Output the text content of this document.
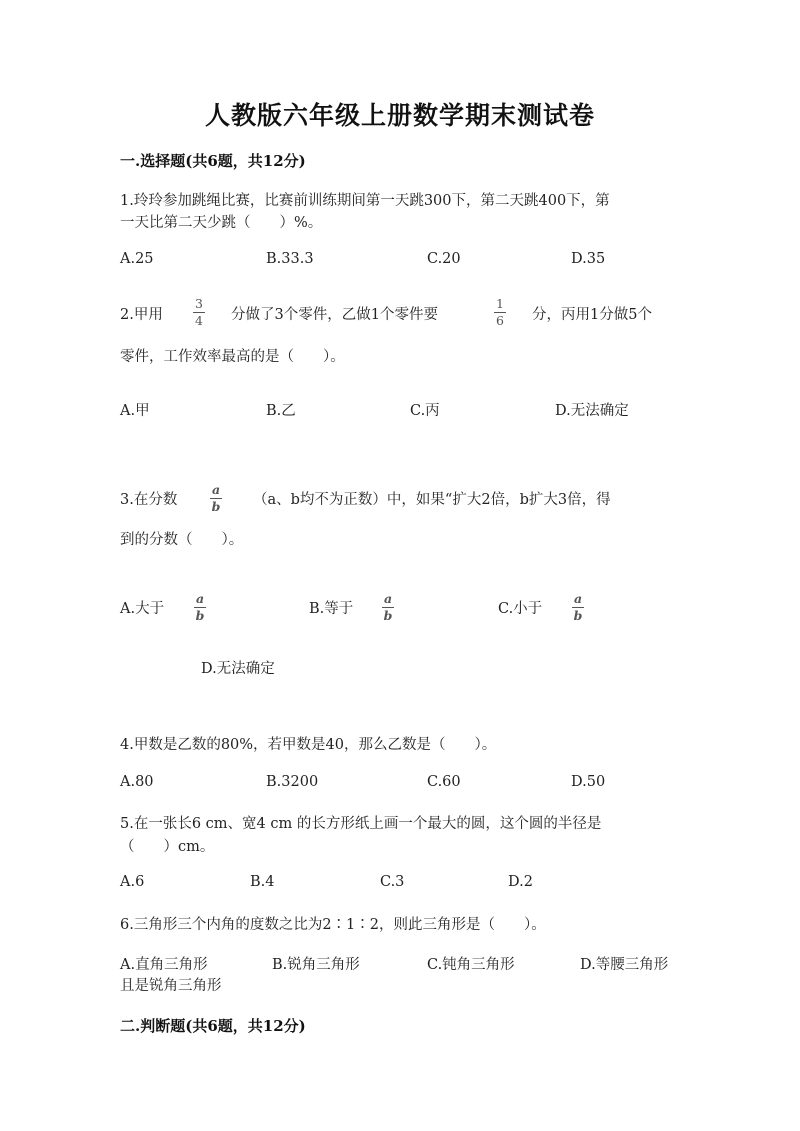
人教版六年级上册数学期末测试卷
一.选择题(共6题，共12分)
1.玲玲参加跳绳比赛，比赛前训练期间第一天跳300下，第二天跳400下，第
一天比第二天少跳（　　）%。
A.25	B.33.3	C.20	D.35
2.甲用
3
4 分做了3个零件，乙做1个零件要
1
6 分，丙用1分做5个
零件，工作效率最高的是（　　）。
A.甲	B.乙	C.丙	D.无法确定
3.在分数
a
b （a、b均不为正数）中，如果“扩大2倍，b扩大3倍，得
到的分数（　　）。
A.大于
a
b	B.等于
a
b	C.小于
a
b
D.无法确定
4.甲数是乙数的80%，若甲数是40，那么乙数是（　　）。
A.80	B.3200	C.60	D.50
5.在一张长6 cm、宽4 cm 的长方形纸上画一个最大的圆，这个圆的半径是
（　　）cm。
A.6	B.4	C.3	D.2
6.三角形三个内角的度数之比为2∶1∶2，则此三角形是（　　）。
A.直角三角形	B.锐角三角形	C.钝角三角形	D.等腰三角形
且是锐角三角形
二.判断题(共6题，共12分)
